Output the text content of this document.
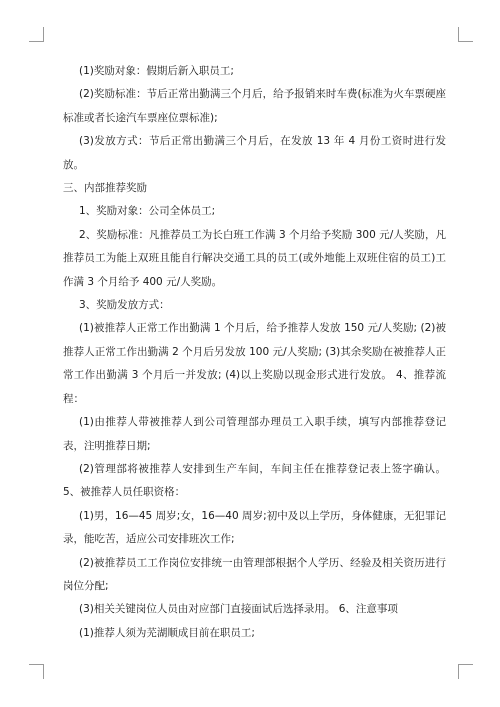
(1)奖励对象：假期后新入职员工;

(2)奖励标准：节后正常出勤满三个月后，给予报销来时车费(标准为火车票硬座标准或者长途汽车票座位票标准);

(3)发放方式：节后正常出勤满三个月后，在发放 13 年 4 月份工资时进行发放。

三、内部推荐奖励

1、奖励对象：公司全体员工;

2、奖励标准：凡推荐员工为长白班工作满 3 个月给予奖励 300 元/人奖励，凡推荐员工为能上双班且能自行解决交通工具的员工(或外地能上双班住宿的员工)工作满 3 个月给予 400 元/人奖励。

3、奖励发放方式：

(1)被推荐人正常工作出勤满 1 个月后，给予推荐人发放 150 元/人奖励; (2)被推荐人正常工作出勤满 2 个月后另发放 100 元/人奖励; (3)其余奖励在被推荐人正常工作出勤满 3 个月后一并发放; (4)以上奖励以现金形式进行发放。 4、推荐流程：

(1)由推荐人带被推荐人到公司管理部办理员工入职手续，填写内部推荐登记表，注明推荐日期;

(2)管理部将被推荐人安排到生产车间，车间主任在推荐登记表上签字确认。 5、被推荐人员任职资格：

(1)男，16—45 周岁;女，16—40 周岁;初中及以上学历，身体健康，无犯罪记录，能吃苦，适应公司安排班次工作;

(2)被推荐员工工作岗位安排统一由管理部根据个人学历、经验及相关资历进行岗位分配;

(3)相关关键岗位人员由对应部门直接面试后选择录用。 6、注意事项

(1)推荐人须为芜湖顺成目前在职员工;
